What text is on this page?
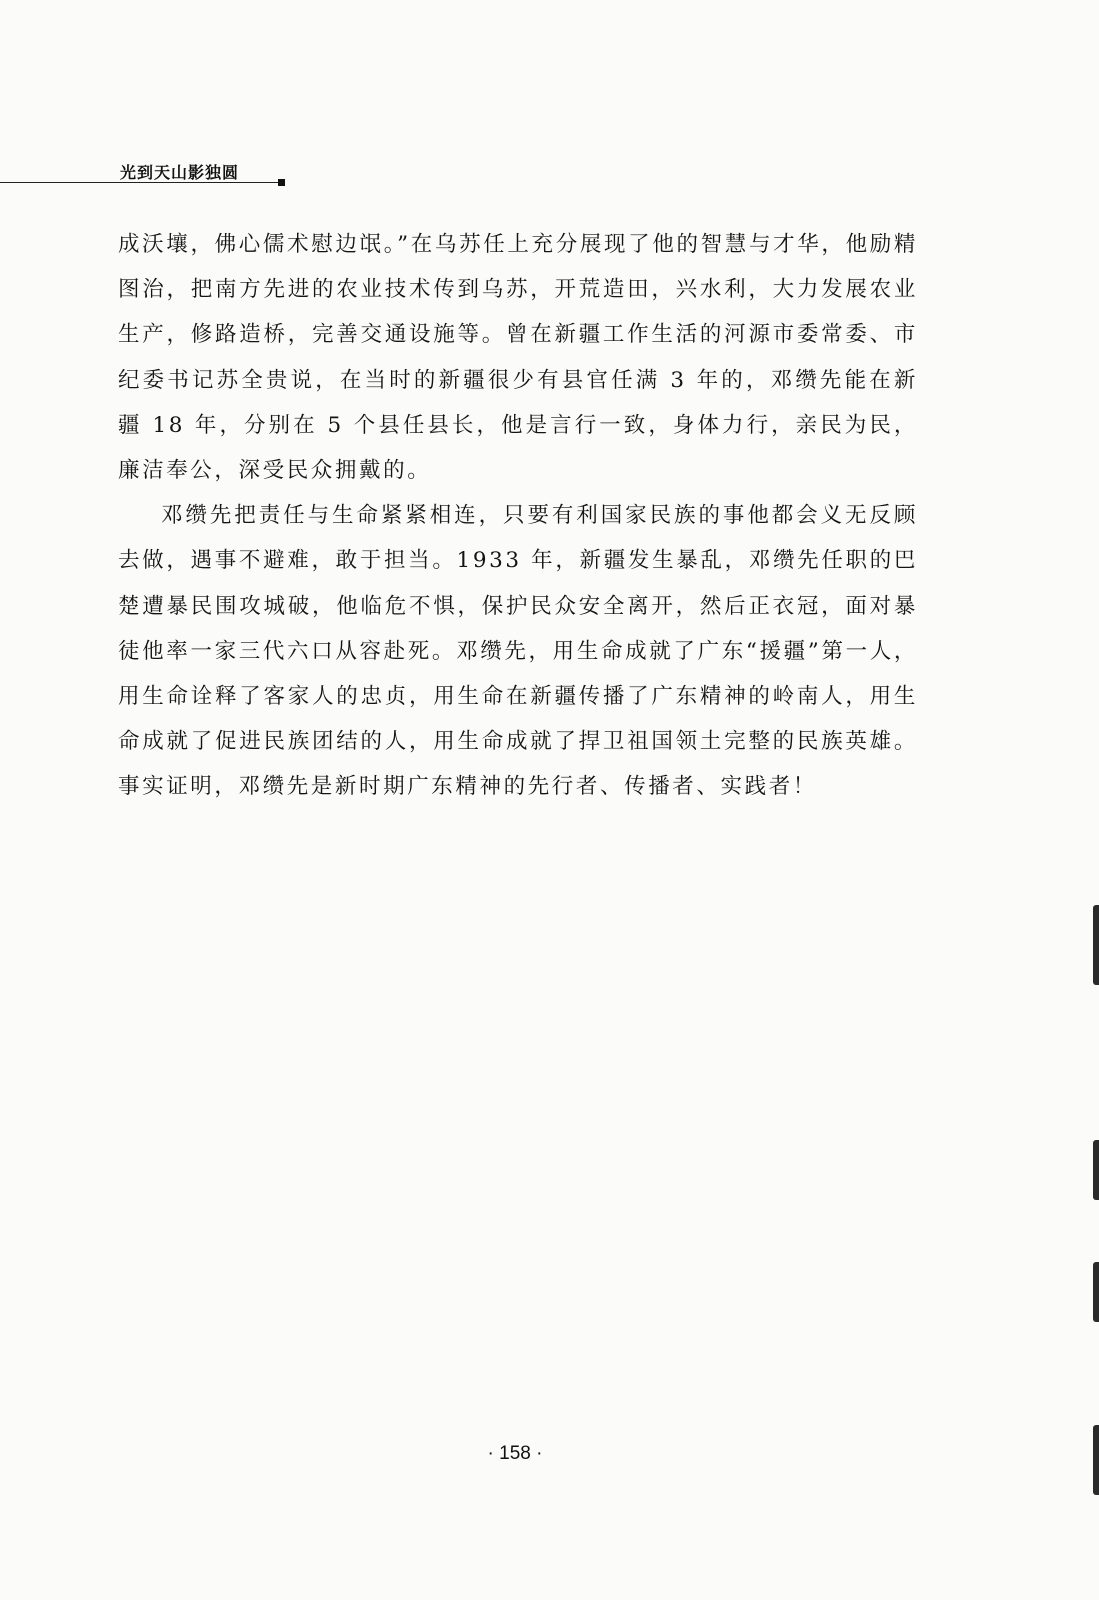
光到天山影独圆

成沃壤，佛心儒术慰边氓。”在乌苏任上充分展现了他的智慧与才华，他励精图治，把南方先进的农业技术传到乌苏，开荒造田，兴水利，大力发展农业生产，修路造桥，完善交通设施等。曾在新疆工作生活的河源市委常委、市纪委书记苏全贵说，在当时的新疆很少有县官任满 3 年的，邓缵先能在新疆 18 年，分别在 5 个县任县长，他是言行一致，身体力行，亲民为民，廉洁奉公，深受民众拥戴的。

邓缵先把责任与生命紧紧相连，只要有利国家民族的事他都会义无反顾去做，遇事不避难，敢于担当。1933 年，新疆发生暴乱，邓缵先任职的巴楚遭暴民围攻城破，他临危不惧，保护民众安全离开，然后正衣冠，面对暴徒他率一家三代六口从容赴死。邓缵先，用生命成就了广东“援疆”第一人，用生命诠释了客家人的忠贞，用生命在新疆传播了广东精神的岭南人，用生命成就了促进民族团结的人，用生命成就了捍卫祖国领土完整的民族英雄。事实证明，邓缵先是新时期广东精神的先行者、传播者、实践者！

· 158 ·
